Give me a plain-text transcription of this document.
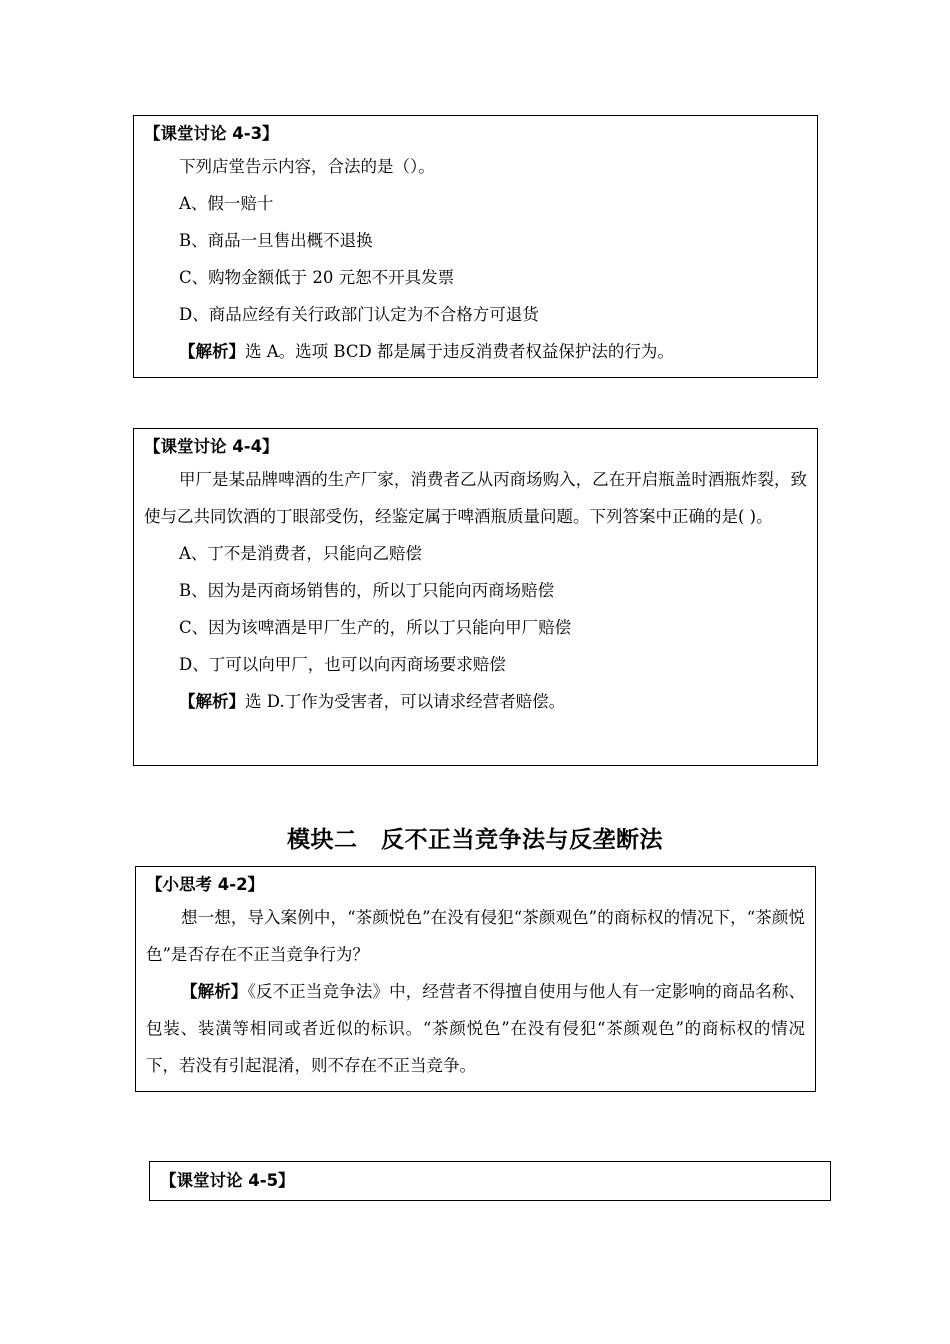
【课堂讨论 4-3】

下列店堂告示内容，合法的是（）。

A、假一赔十

B、商品一旦售出概不退换

C、购物金额低于 20 元恕不开具发票

D、商品应经有关行政部门认定为不合格方可退货

【解析】选 A。选项 BCD 都是属于违反消费者权益保护法的行为。

【课堂讨论 4-4】

甲厂是某品牌啤酒的生产厂家，消费者乙从丙商场购入，乙在开启瓶盖时酒瓶炸裂，致使与乙共同饮酒的丁眼部受伤，经鉴定属于啤酒瓶质量问题。下列答案中正确的是( )。

A、丁不是消费者，只能向乙赔偿

B、因为是丙商场销售的，所以丁只能向丙商场赔偿

C、因为该啤酒是甲厂生产的，所以丁只能向甲厂赔偿

D、丁可以向甲厂，也可以向丙商场要求赔偿

【解析】选 D.丁作为受害者，可以请求经营者赔偿。

模块二　反不正当竞争法与反垄断法

【小思考 4-2】

想一想，导入案例中，“茶颜悦色”在没有侵犯“茶颜观色”的商标权的情况下，“茶颜悦色”是否存在不正当竞争行为？

【解析】《反不正当竞争法》中，经营者不得擅自使用与他人有一定影响的商品名称、包装、装潢等相同或者近似的标识。“茶颜悦色”在没有侵犯“茶颜观色”的商标权的情况下，若没有引起混淆，则不存在不正当竞争。

【课堂讨论 4-5】
